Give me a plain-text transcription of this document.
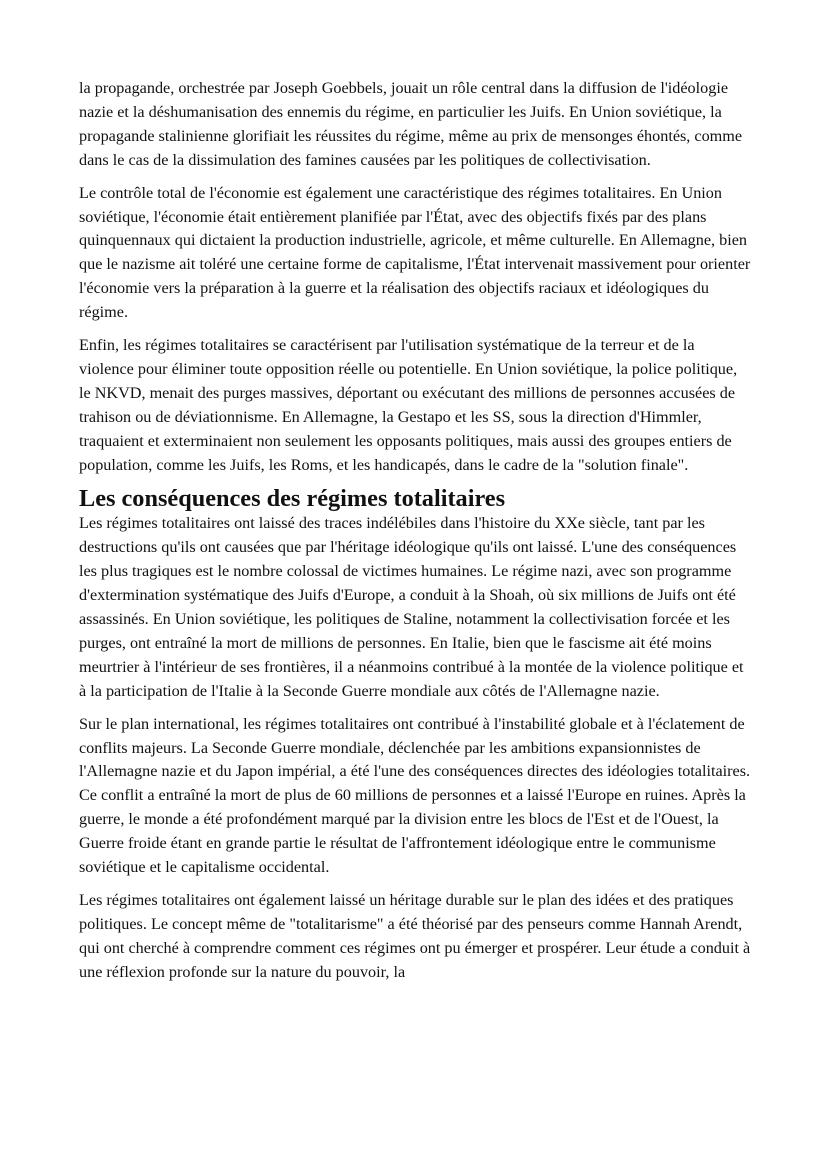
la propagande, orchestrée par Joseph Goebbels, jouait un rôle central dans la diffusion de l'idéologie nazie et la déshumanisation des ennemis du régime, en particulier les Juifs. En Union soviétique, la propagande stalinienne glorifiait les réussites du régime, même au prix de mensonges éhontés, comme dans le cas de la dissimulation des famines causées par les politiques de collectivisation.

Le contrôle total de l'économie est également une caractéristique des régimes totalitaires. En Union soviétique, l'économie était entièrement planifiée par l'État, avec des objectifs fixés par des plans quinquennaux qui dictaient la production industrielle, agricole, et même culturelle. En Allemagne, bien que le nazisme ait toléré une certaine forme de capitalisme, l'État intervenait massivement pour orienter l'économie vers la préparation à la guerre et la réalisation des objectifs raciaux et idéologiques du régime.

Enfin, les régimes totalitaires se caractérisent par l'utilisation systématique de la terreur et de la violence pour éliminer toute opposition réelle ou potentielle. En Union soviétique, la police politique, le NKVD, menait des purges massives, déportant ou exécutant des millions de personnes accusées de trahison ou de déviationnisme. En Allemagne, la Gestapo et les SS, sous la direction d'Himmler, traquaient et exterminaient non seulement les opposants politiques, mais aussi des groupes entiers de population, comme les Juifs, les Roms, et les handicapés, dans le cadre de la "solution finale".

Les conséquences des régimes totalitaires

Les régimes totalitaires ont laissé des traces indélébiles dans l'histoire du XXe siècle, tant par les destructions qu'ils ont causées que par l'héritage idéologique qu'ils ont laissé. L'une des conséquences les plus tragiques est le nombre colossal de victimes humaines. Le régime nazi, avec son programme d'extermination systématique des Juifs d'Europe, a conduit à la Shoah, où six millions de Juifs ont été assassinés. En Union soviétique, les politiques de Staline, notamment la collectivisation forcée et les purges, ont entraîné la mort de millions de personnes. En Italie, bien que le fascisme ait été moins meurtrier à l'intérieur de ses frontières, il a néanmoins contribué à la montée de la violence politique et à la participation de l'Italie à la Seconde Guerre mondiale aux côtés de l'Allemagne nazie.

Sur le plan international, les régimes totalitaires ont contribué à l'instabilité globale et à l'éclatement de conflits majeurs. La Seconde Guerre mondiale, déclenchée par les ambitions expansionnistes de l'Allemagne nazie et du Japon impérial, a été l'une des conséquences directes des idéologies totalitaires. Ce conflit a entraîné la mort de plus de 60 millions de personnes et a laissé l'Europe en ruines. Après la guerre, le monde a été profondément marqué par la division entre les blocs de l'Est et de l'Ouest, la Guerre froide étant en grande partie le résultat de l'affrontement idéologique entre le communisme soviétique et le capitalisme occidental.

Les régimes totalitaires ont également laissé un héritage durable sur le plan des idées et des pratiques politiques. Le concept même de "totalitarisme" a été théorisé par des penseurs comme Hannah Arendt, qui ont cherché à comprendre comment ces régimes ont pu émerger et prospérer. Leur étude a conduit à une réflexion profonde sur la nature du pouvoir, la
